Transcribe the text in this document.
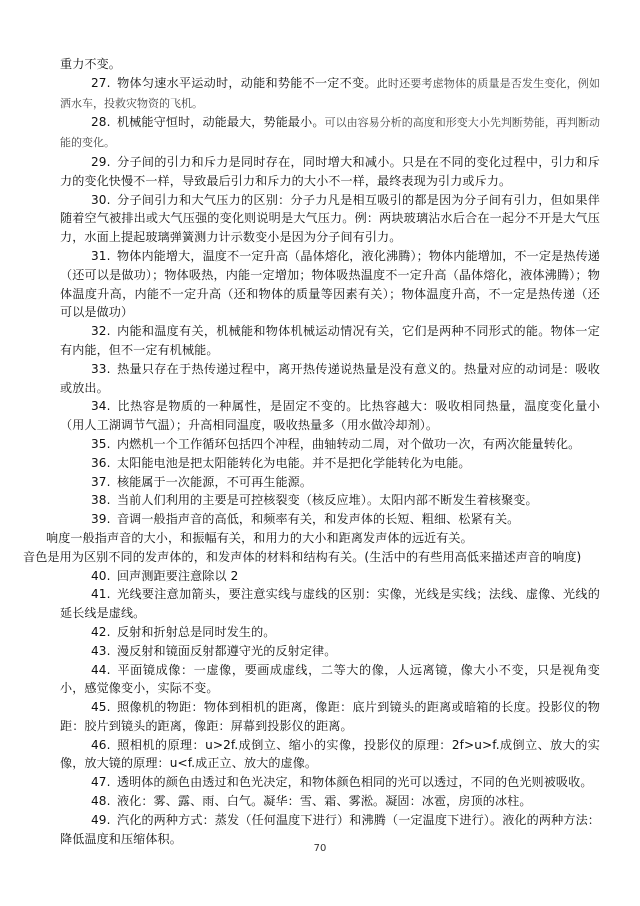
重力不变。

27. 物体匀速水平运动时，动能和势能不一定不变。此时还要考虑物体的质量是否发生变化，例如洒水车，投救灾物资的飞机。

28. 机械能守恒时，动能最大，势能最小。可以由容易分析的高度和形变大小先判断势能，再判断动能的变化。

29. 分子间的引力和斥力是同时存在，同时增大和减小。只是在不同的变化过程中，引力和斥力的变化快慢不一样，导致最后引力和斥力的大小不一样，最终表现为引力或斥力。

30. 分子间引力和大气压力的区别：分子力凡是相互吸引的都是因为分子间有引力，但如果伴随着空气被排出或大气压强的变化则说明是大气压力。例：两块玻璃沾水后合在一起分不开是大气压力，水面上提起玻璃弹簧测力计示数变小是因为分子间有引力。

31. 物体内能增大，温度不一定升高（晶体熔化，液化沸腾）；物体内能增加，不一定是热传递（还可以是做功）；物体吸热，内能一定增加；物体吸热温度不一定升高（晶体熔化，液体沸腾）；物体温度升高，内能不一定升高（还和物体的质量等因素有关）；物体温度升高，不一定是热传递（还可以是做功）

32. 内能和温度有关，机械能和物体机械运动情况有关，它们是两种不同形式的能。物体一定有内能，但不一定有机械能。

33. 热量只存在于热传递过程中，离开热传递说热量是没有意义的。热量对应的动词是：吸收或放出。

34. 比热容是物质的一种属性，是固定不变的。比热容越大：吸收相同热量，温度变化量小（用人工湖调节气温）；升高相同温度，吸收热量多（用水做冷却剂）。

35. 内燃机一个工作循环包括四个冲程，曲轴转动二周，对个做功一次，有两次能量转化。

36. 太阳能电池是把太阳能转化为电能。并不是把化学能转化为电能。

37. 核能属于一次能源，不可再生能源。

38. 当前人们利用的主要是可控核裂变（核反应堆）。太阳内部不断发生着核聚变。

39. 音调一般指声音的高低，和频率有关，和发声体的长短、粗细、松紧有关。

响度一般指声音的大小，和振幅有关，和用力的大小和距离发声体的远近有关。

音色是用为区别不同的发声体的，和发声体的材料和结构有关。(生活中的有些用高低来描述声音的响度)

40. 回声测距要注意除以 2

41. 光线要注意加箭头，要注意实线与虚线的区别：实像，光线是实线；法线、虚像、光线的延长线是虚线。

42. 反射和折射总是同时发生的。

43. 漫反射和镜面反射都遵守光的反射定律。

44. 平面镜成像：一虚像，要画成虚线，二等大的像，人远离镜，像大小不变，只是视角变小，感觉像变小，实际不变。

45. 照像机的物距：物体到相机的距离，像距：底片到镜头的距离或暗箱的长度。投影仪的物距：胶片到镜头的距离，像距：屏幕到投影仪的距离。

46. 照相机的原理：u>2f.成倒立、缩小的实像，投影仪的原理：2f>u>f.成倒立、放大的实像，放大镜的原理：u<f.成正立、放大的虚像。

47. 透明体的颜色由透过和色光决定，和物体颜色相同的光可以透过，不同的色光则被吸收。

48. 液化：雾、露、雨、白气。凝华：雪、霜、雾淞。凝固：冰雹，房顶的冰柱。

49. 汽化的两种方式：蒸发（任何温度下进行）和沸腾（一定温度下进行）。液化的两种方法：降低温度和压缩体积。

70
